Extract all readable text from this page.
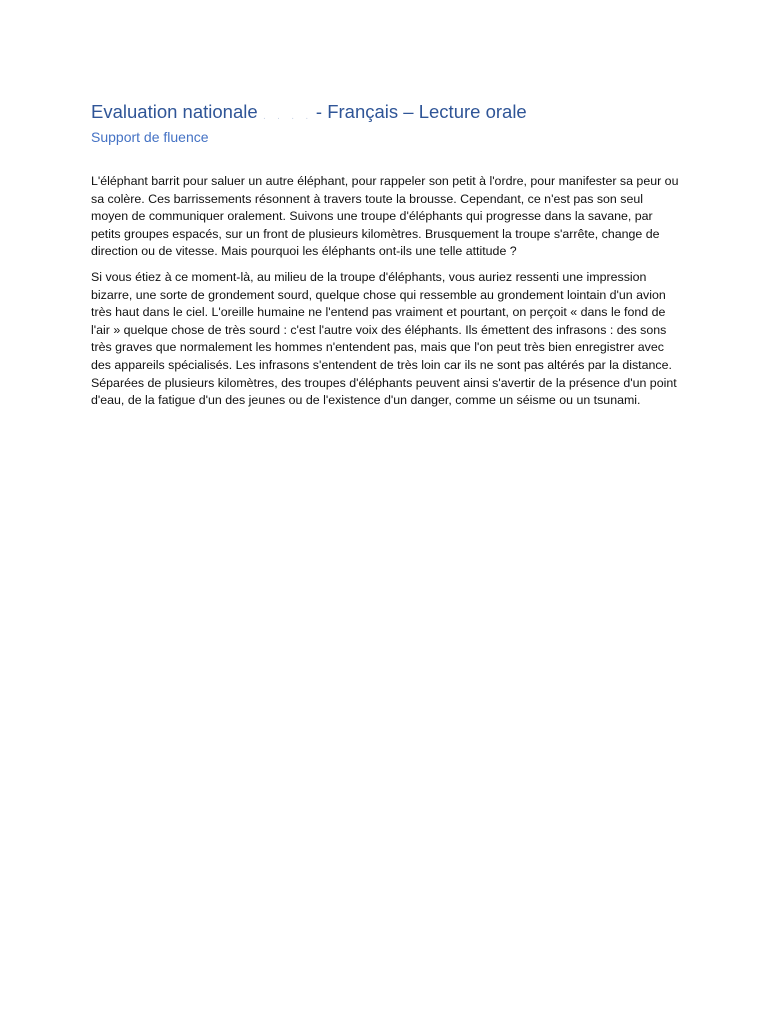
Evaluation nationale · · · · - Français – Lecture orale
Support de fluence

L'éléphant barrit pour saluer un autre éléphant, pour rappeler son petit à l'ordre, pour manifester sa peur ou sa colère. Ces barrissements résonnent à travers toute la brousse. Cependant, ce n'est pas son seul moyen de communiquer oralement. Suivons une troupe d'éléphants qui progresse dans la savane, par petits groupes espacés, sur un front de plusieurs kilomètres. Brusquement la troupe s'arrête, change de direction ou de vitesse. Mais pourquoi les éléphants ont-ils une telle attitude ?

Si vous étiez à ce moment-là, au milieu de la troupe d'éléphants, vous auriez ressenti une impression bizarre, une sorte de grondement sourd, quelque chose qui ressemble au grondement lointain d'un avion très haut dans le ciel. L'oreille humaine ne l'entend pas vraiment et pourtant, on perçoit « dans le fond de l'air » quelque chose de très sourd : c'est l'autre voix des éléphants. Ils émettent des infrasons : des sons très graves que normalement les hommes n'entendent pas, mais que l'on peut très bien enregistrer avec des appareils spécialisés. Les infrasons s'entendent de très loin car ils ne sont pas altérés par la distance. Séparées de plusieurs kilomètres, des troupes d'éléphants peuvent ainsi s'avertir de la présence d'un point d'eau, de la fatigue d'un des jeunes ou de l'existence d'un danger, comme un séisme ou un tsunami.
